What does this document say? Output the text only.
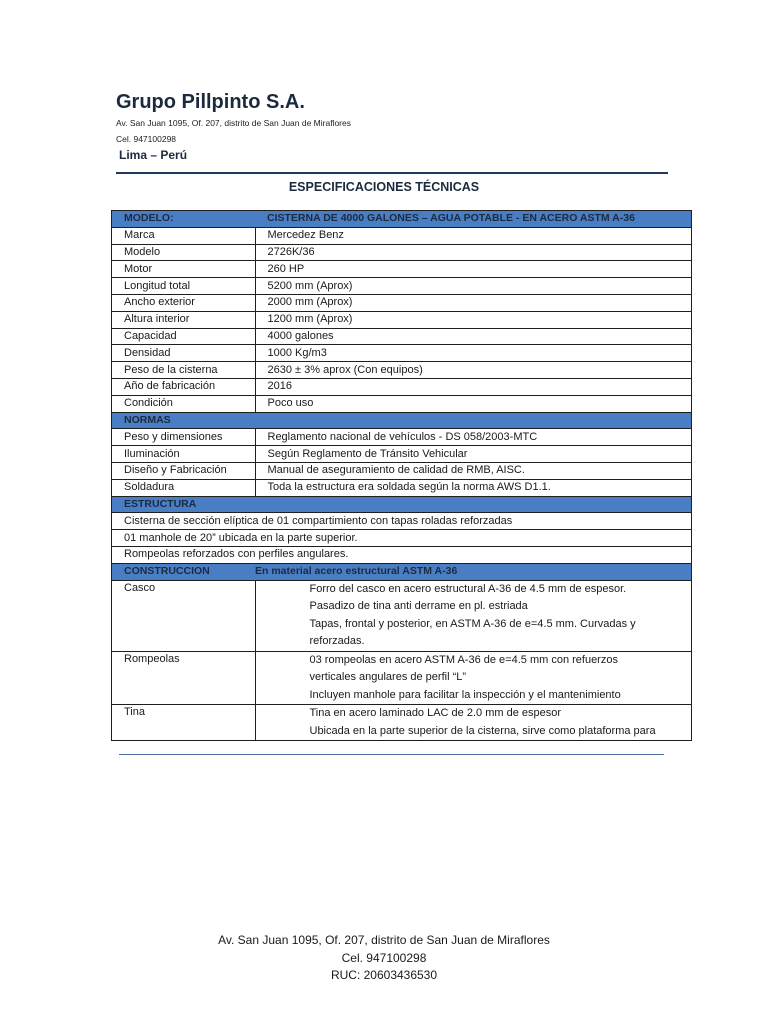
Grupo Pillpinto S.A.
Av. San Juan 1095, Of. 207, distrito de San Juan de Miraflores
Cel. 947100298
Lima – Perú
ESPECIFICACIONES TÉCNICAS
MODELO:	CISTERNA DE 4000 GALONES – AGUA POTABLE - EN ACERO ASTM A-36
Marca	Mercedez Benz
Modelo	2726K/36
Motor	260 HP
Longitud total	5200 mm (Aprox)
Ancho exterior	2000 mm (Aprox)
Altura interior	1200 mm (Aprox)
Capacidad	4000 galones
Densidad	1000 Kg/m3
Peso de la cisterna	2630 ± 3% aprox (Con equipos)
Año de fabricación	2016
Condición	Poco uso
NORMAS	
Peso y dimensiones	Reglamento nacional de vehículos - DS 058/2003-MTC
Iluminación	Según Reglamento de Tránsito Vehicular
Diseño y Fabricación	Manual de aseguramiento de calidad de RMB, AISC.
Soldadura	Toda la estructura era soldada según la norma AWS D1.1.
ESTRUCTURA	
Cisterna de sección elíptica de 01 compartimiento con tapas roladas reforzadas	
01 manhole de 20” ubicada en la parte superior.	
Rompeolas reforzados con perfiles angulares.	
CONSTRUCCION	En material acero estructural ASTM A-36
Casco	Forro del casco en acero estructural A-36 de 4.5 mm de espesor.
Pasadizo de tina anti derrame en pl. estriada
Tapas, frontal y posterior, en ASTM A-36 de e=4.5 mm. Curvadas y
reforzadas.

Rompeolas	03 rompeolas en acero ASTM A-36 de e=4.5 mm con refuerzos
verticales angulares de perfil “L”
Incluyen manhole para facilitar la inspección y el mantenimiento

Tina	Tina en acero laminado LAC de 2.0 mm de espesor
Ubicada en la parte superior de la cisterna, sirve como plataforma para
Av. San Juan 1095, Of. 207, distrito de San Juan de Miraflores
Cel. 947100298
RUC: 20603436530
